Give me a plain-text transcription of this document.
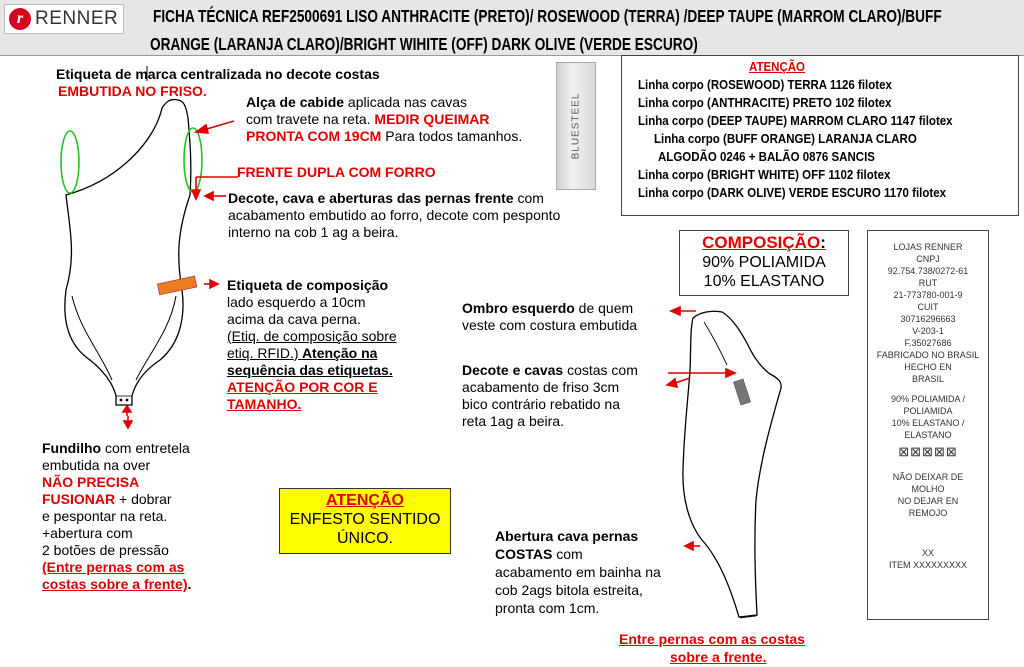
r RENNER FICHA TÉCNICA REF2500691 LISO ANTHRACITE (PRETO)/ ROSEWOOD (TERRA) /DEEP TAUPE (MARROM CLARO)/BUFF
ORANGE (LARANJA CLARO)/BRIGHT WIHITE (OFF) DARK OLIVE (VERDE ESCURO)
Etiqueta de marca centralizada no decote costas
EMBUTIDA NO FRISO.
Alça de cabide aplicada nas cavas
com travete na reta. MEDIR QUEIMAR
PRONTA COM 19CM Para todos tamanhos.
FRENTE DUPLA COM FORRO
Decote, cava e aberturas das pernas frente com
acabamento embutido ao forro, decote com pesponto
interno na cob 1 ag a beira.
Etiqueta de composição
lado esquerdo a 10cm
acima da cava perna.
(Etiq. de composição sobre
etiq. RFID.) Atenção na
sequência das etiquetas.
ATENÇÃO POR COR E
TAMANHO.
Fundilho com entretela
embutida na over
NÃO PRECISA
FUSIONAR + dobrar
e pespontar na reta.
+abertura com
2 botões de pressão
(Entre pernas com as
costas sobre a frente).
BLUESTEEL
ATENÇÃO
Linha corpo (ROSEWOOD) TERRA 1126 filotex
Linha corpo (ANTHRACITE) PRETO 102 filotex
Linha corpo (DEEP TAUPE) MARROM CLARO 1147 filotex
Linha corpo (BUFF ORANGE) LARANJA CLARO
ALGODÃO 0246 + BALÃO 0876 SANCIS
Linha corpo (BRIGHT WHITE) OFF 1102 filotex
Linha corpo (DARK OLIVE) VERDE ESCURO 1170 filotex
COMPOSIÇÃO:
90% POLIAMIDA
10% ELASTANO
LOJAS RENNER
CNPJ
92.754.738/0272-61
RUT
21-773780-001-9
CUIT
30716296663
V-203-1
F.35027686
FABRICADO NO BRASIL
HECHO EN
BRASIL
90% POLIAMIDA /
POLIAMIDA
10% ELASTANO /
ELASTANO
⊠⊠⊠⊠⊠
NÃO DEIXAR DE
MOLHO
NO DEJAR EN
REMOJO
XX
ITEM XXXXXXXXX
ATENÇÃO
ENFESTO SENTIDO
ÚNICO.
Ombro esquerdo de quem
veste com costura embutida
Decote e cavas costas com
acabamento de friso 3cm
bico contrário rebatido na
reta 1ag a beira.
Abertura cava pernas
COSTAS com
acabamento em bainha na
cob 2ags bitola estreita,
pronta com 1cm.
Entre pernas com as costas
sobre a frente.
